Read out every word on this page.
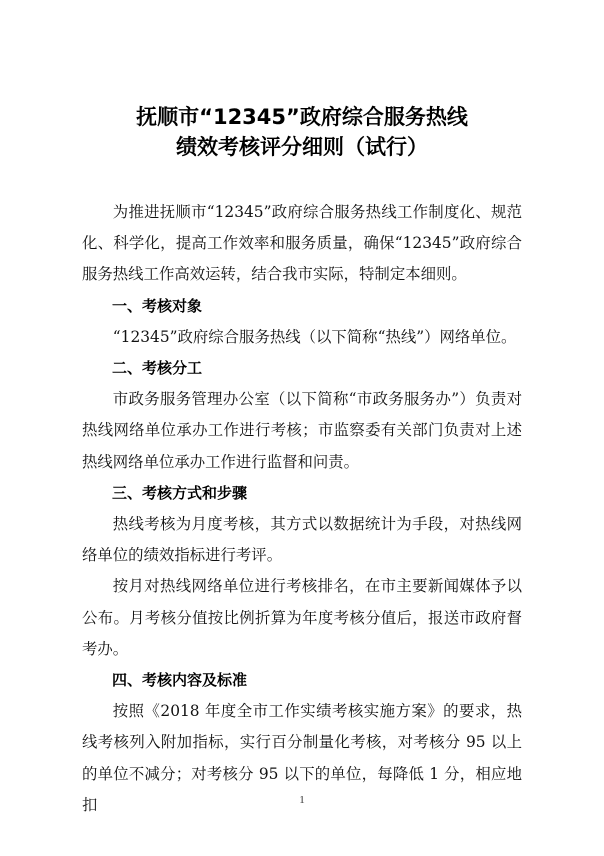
抚顺市“12345”政府综合服务热线
绩效考核评分细则（试行）

为推进抚顺市“12345”政府综合服务热线工作制度化、规范化、科学化，提高工作效率和服务质量，确保“12345”政府综合服务热线工作高效运转，结合我市实际，特制定本细则。

一、考核对象

“12345”政府综合服务热线（以下简称“热线”）网络单位。

二、考核分工

市政务服务管理办公室（以下简称“市政务服务办”）负责对热线网络单位承办工作进行考核；市监察委有关部门负责对上述热线网络单位承办工作进行监督和问责。

三、考核方式和步骤

热线考核为月度考核，其方式以数据统计为手段，对热线网络单位的绩效指标进行考评。

按月对热线网络单位进行考核排名，在市主要新闻媒体予以公布。月考核分值按比例折算为年度考核分值后，报送市政府督考办。

四、考核内容及标准

按照《2018 年度全市工作实绩考核实施方案》的要求，热线考核列入附加指标，实行百分制量化考核，对考核分 95 以上的单位不减分；对考核分 95 以下的单位，每降低 1 分，相应地扣	1
